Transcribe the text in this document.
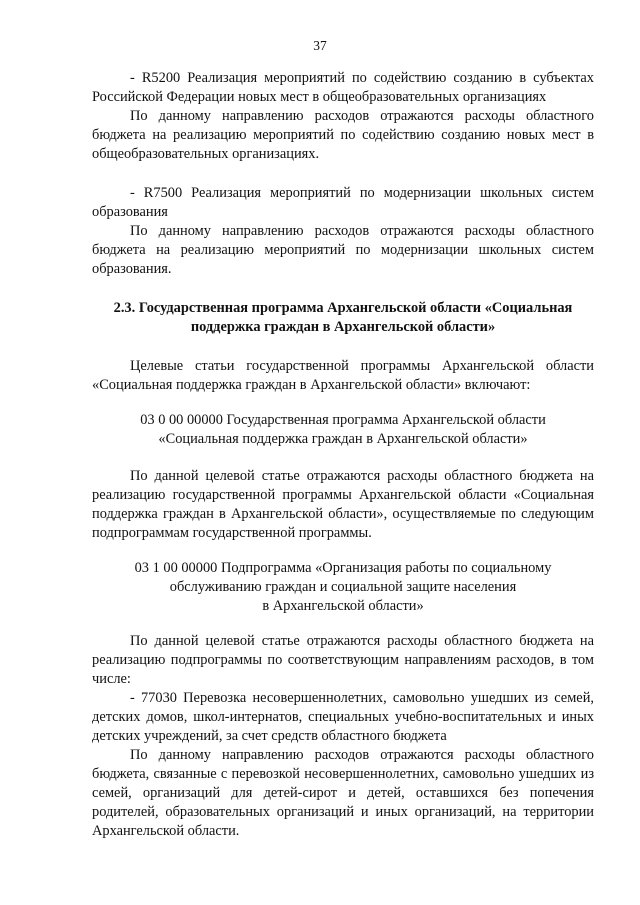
37

- R5200 Реализация мероприятий по содействию созданию в субъектах Российской Федерации новых мест в общеобразовательных организациях

По данному направлению расходов отражаются расходы областного бюджета на реализацию мероприятий по содействию созданию новых мест в общеобразовательных организациях.

- R7500 Реализация мероприятий по модернизации школьных систем образования

По данному направлению расходов отражаются расходы областного бюджета на реализацию мероприятий по модернизации школьных систем образования.

2.3. Государственная программа Архангельской области «Социальная
поддержка граждан в Архангельской области»

Целевые статьи государственной программы Архангельской области «Социальная поддержка граждан в Архангельской области» включают:

03 0 00 00000 Государственная программа Архангельской области
«Социальная поддержка граждан в Архангельской области»

По данной целевой статье отражаются расходы областного бюджета на реализацию государственной программы Архангельской области «Социальная поддержка граждан в Архангельской области», осуществляемые по следующим подпрограммам государственной программы.

03 1 00 00000 Подпрограмма «Организация работы по социальному
обслуживанию граждан и социальной защите населения
в Архангельской области»

По данной целевой статье отражаются расходы областного бюджета на реализацию подпрограммы по соответствующим направлениям расходов, в том числе:

- 77030 Перевозка несовершеннолетних, самовольно ушедших из семей, детских домов, школ-интернатов, специальных учебно-воспитательных и иных детских учреждений, за счет средств областного бюджета

По данному направлению расходов отражаются расходы областного бюджета, связанные с перевозкой несовершеннолетних, самовольно ушедших из семей, организаций для детей-сирот и детей, оставшихся без попечения родителей, образовательных организаций и иных организаций, на территории Архангельской области.
